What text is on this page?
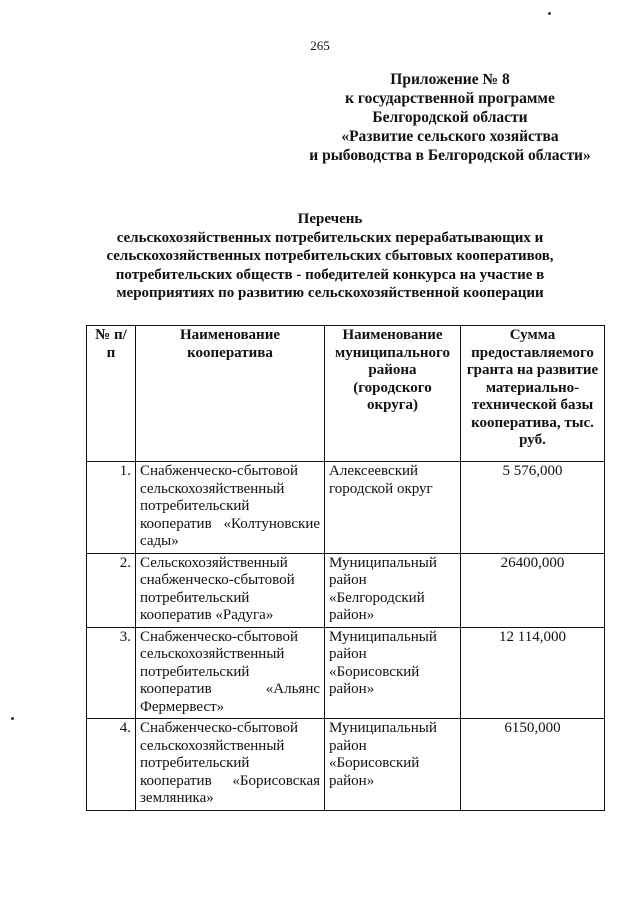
265
Приложение № 8
к государственной программе
Белгородской области
«Развитие сельского хозяйства
и рыбоводства в Белгородской области»
Перечень
сельскохозяйственных потребительских перерабатывающих и
сельскохозяйственных потребительских сбытовых кооперативов,
потребительских обществ - победителей конкурса на участие в
мероприятиях по развитию сельскохозяйственной кооперации
№ п/п	Наименование кооператива	Наименование муниципального района (городского округа)	Сумма предоставляемого гранта на развитие материально-технической базы кооператива, тыс. руб.
1.	Снабженческо-сбытовой сельскохозяйственный потребительский кооператив «Колтуновские сады»	Алексеевский городской округ	5 576,000
2.	Сельскохозяйственный снабженческо-сбытовой потребительский кооператив «Радуга»	Муниципальный район «Белгородский район»	26400,000
3.	Снабженческо-сбытовой сельскохозяйственный потребительский кооператив «Альянс Фермервест»	Муниципальный район «Борисовский район»	12 114,000
4.	Снабженческо-сбытовой сельскохозяйственный потребительский кооператив «Борисовская земляника»	Муниципальный район «Борисовский район»	6150,000
